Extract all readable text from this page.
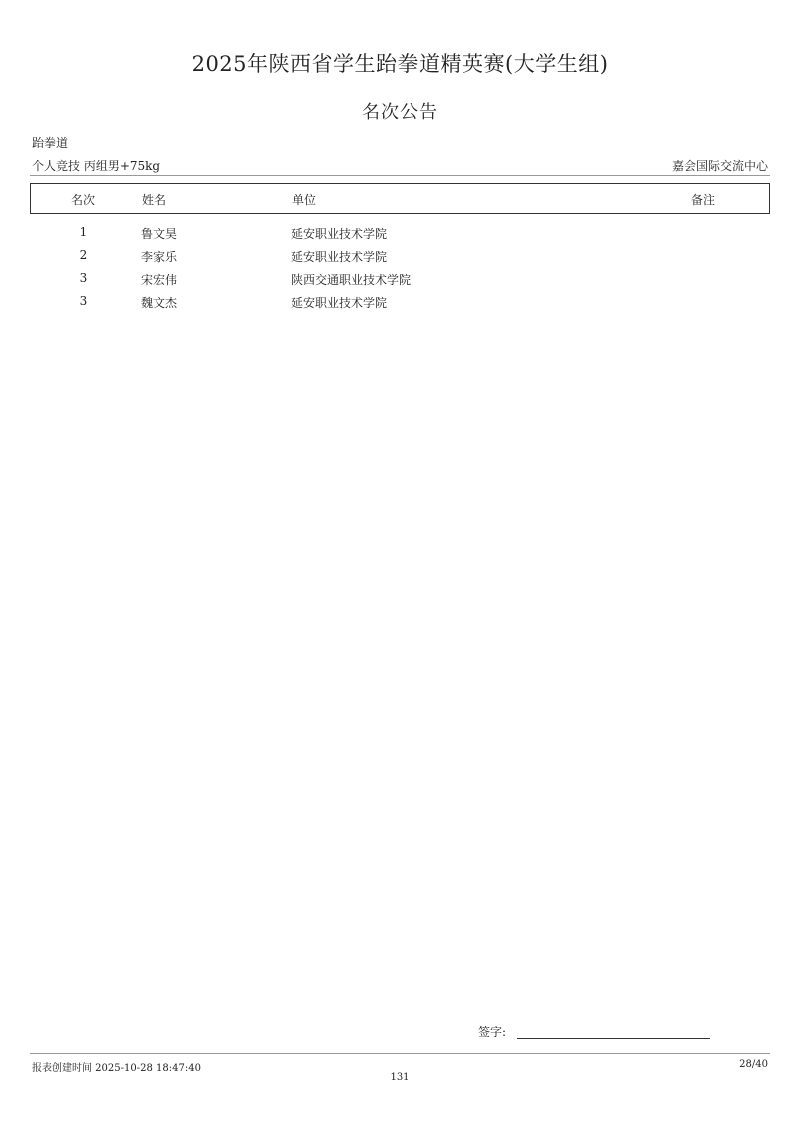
2025年陕西省学生跆拳道精英赛(大学生组)
名次公告
跆拳道
个人竞技 丙组男+75kg	嘉会国际交流中心
名次	姓名	单位	备注
1	鲁文昊	延安职业技术学院
2	李家乐	延安职业技术学院
3	宋宏伟	陕西交通职业技术学院
3	魏文杰	延安职业技术学院
签字:
报表创建时间 2025-10-28 18:47:40	28/40
131
